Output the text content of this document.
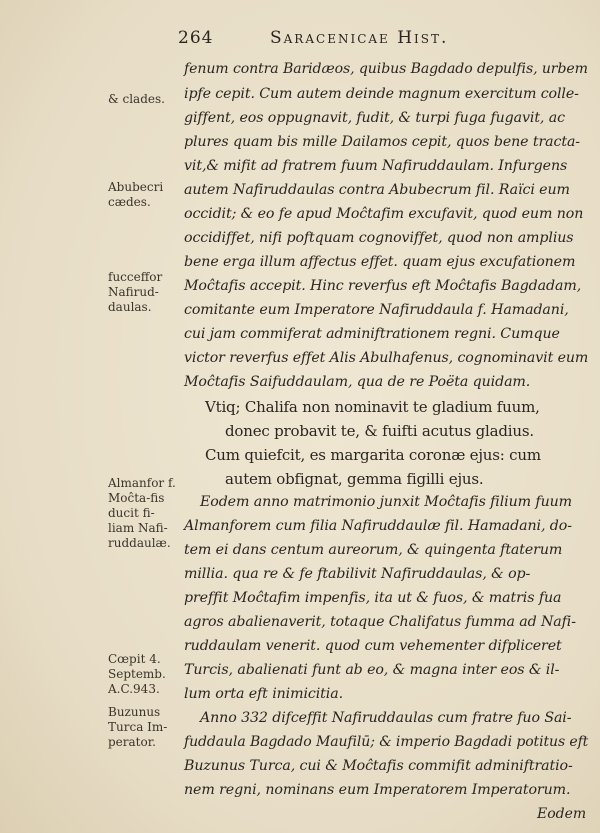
264	Saracenicae Hist.
& clades.
Abubecri cædes.
fucceffor Nafirud-daulas.
Almanfor f. Moĉta-fis ducit fi-liam Nafi-ruddaulæ.
Cœpit 4. Septemb. A.C.943.
Buzunus Turca Im-perator.
fenum contra Baridæos, quibus Bagdado depulfis, urbem
ipfe cepit. Cum autem deinde magnum exercitum colle-
giffent, eos oppugnavit, fudit, & turpi fuga fugavit, ac
plures quam bis mille Dailamos cepit, quos bene tracta-
vit,& mifit ad fratrem fuum Nafiruddaulam. Infurgens
autem Nafiruddaulas contra Abubecrum fil. Raïci eum
occidit; & eo fe apud Moĉtafim excufavit, quod eum non
occidiffet, nifi poftquam cognoviffet, quod non amplius
bene erga illum affectus effet. quam ejus excufationem
Moĉtafis accepit. Hinc reverfus eft Moĉtafis Bagdadam,
comitante eum Imperatore Nafiruddaula f. Hamadani,
cui jam commiferat adminiftrationem regni. Cumque
victor reverfus effet Alis Abulhafenus, cognominavit eum
Moĉtafis Saifuddaulam, qua de re Poëta quidam.
Vtiq; Chalifa non nominavit te gladium fuum,
donec probavit te, & fuifti acutus gladius.
Cum quiefcit, es margarita coronæ ejus: cum
autem obfignat, gemma figilli ejus.
Eodem anno matrimonio junxit Moĉtafis filium fuum
Almanforem cum filia Nafiruddaulæ fil. Hamadani, do-
tem ei dans centum aureorum, & quingenta ftaterum
millia. qua re & fe ftabilivit Nafiruddaulas, & op-
preffit Moĉtafim impenfis, ita ut & fuos, & matris fua
agros abalienaverit, totaque Chalifatus fumma ad Nafi-
ruddaulam venerit. quod cum vehementer difpliceret
Turcis, abalienati funt ab eo, & magna inter eos & il-
lum orta eft inimicitia.
Anno 332 difceffit Nafiruddaulas cum fratre fuo Sai-
fuddaula Bagdado Maufilū; & imperio Bagdadi potitus eft
Buzunus Turca, cui & Moĉtafis commifit adminiftratio-
nem regni, nominans eum Imperatorem Imperatorum.
Eodem
